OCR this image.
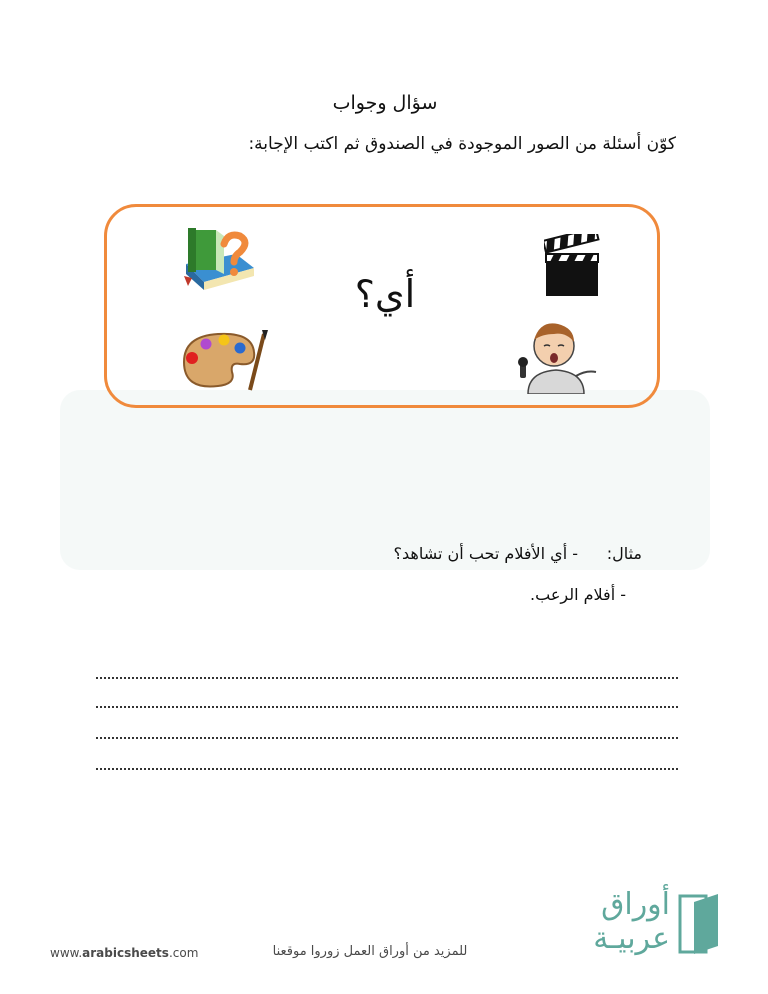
سؤال وجواب
كوّن أسئلة من الصور الموجودة في الصندوق ثم اكتب الإجابة:
أي؟
مثال:
- أي الأفلام تحب أن تشاهد؟
- أفلام الرعب.
www.arabicsheets.com	للمزيد من أوراق العمل زوروا موقعنا
أوراق
عربيـة
